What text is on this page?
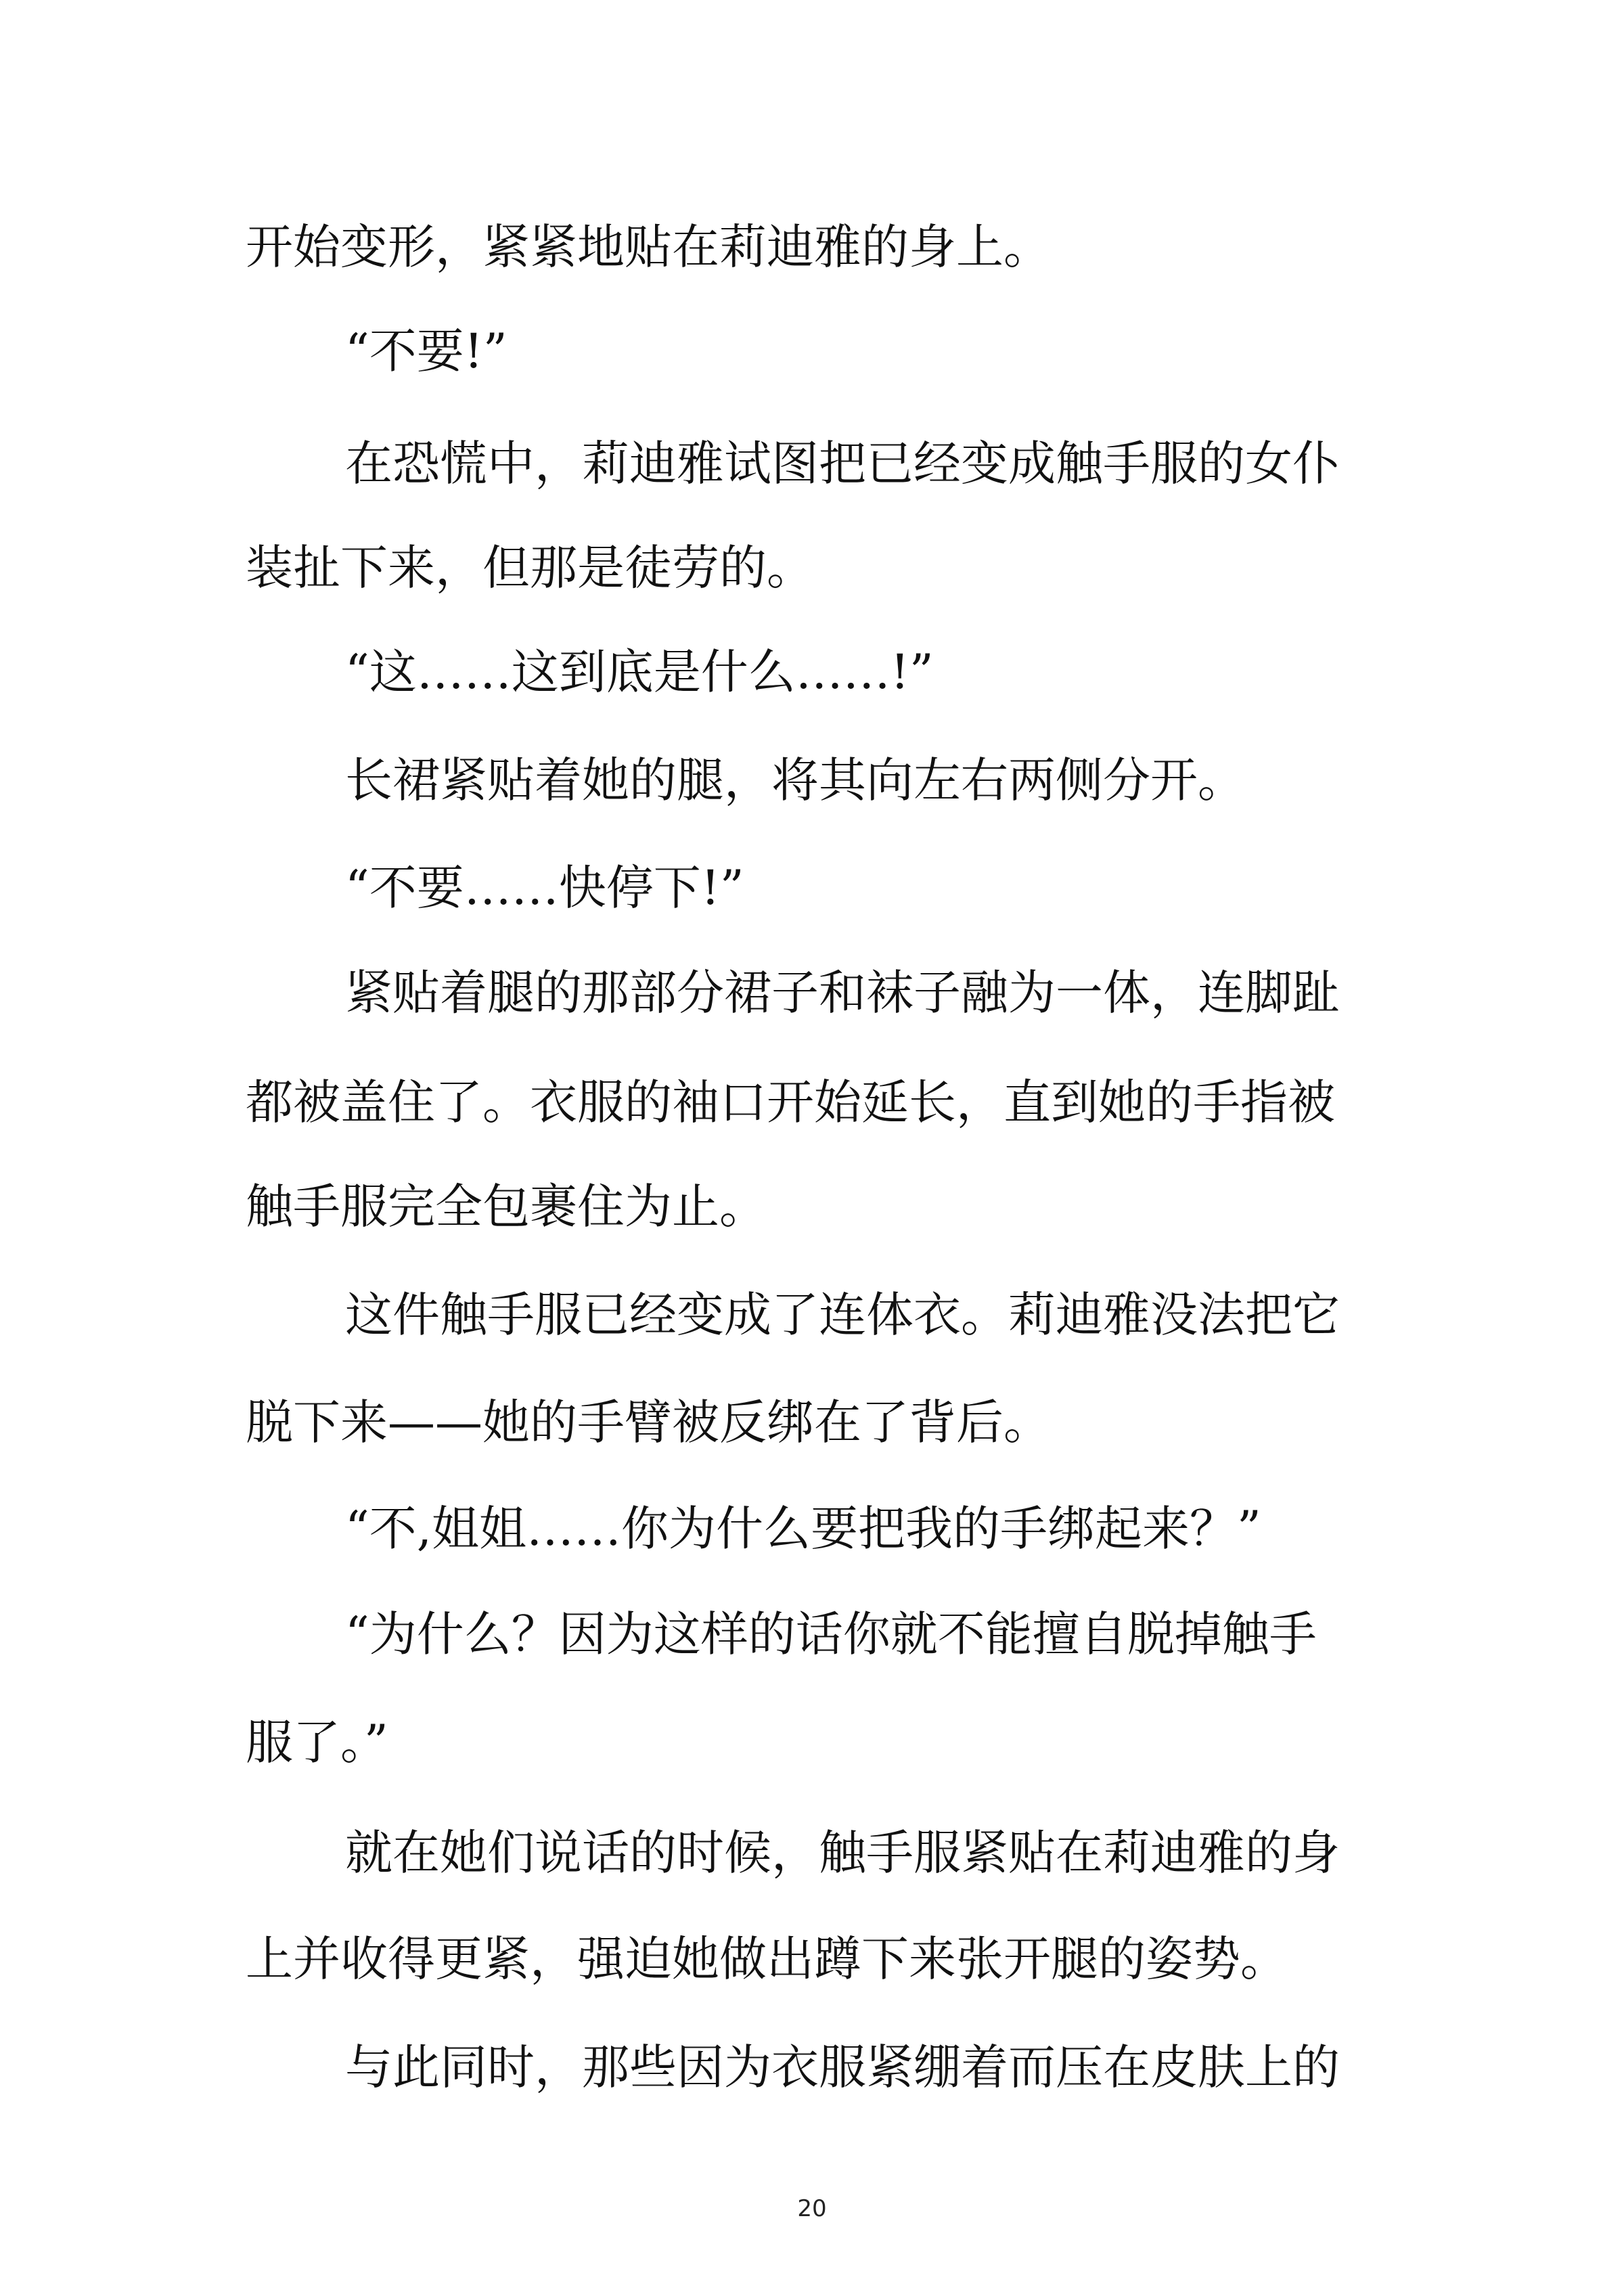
开始变形，紧紧地贴在莉迪雅的身上。

“不要!”

在恐慌中，莉迪雅试图把已经变成触手服的女仆

装扯下来，但那是徒劳的。

“这……这到底是什么……!”

长裙紧贴着她的腿，将其向左右两侧分开。

“不要……快停下!”

紧贴着腿的那部分裙子和袜子融为一体，连脚趾

都被盖住了。衣服的袖口开始延长，直到她的手指被

触手服完全包裹住为止。

这件触手服已经变成了连体衣。莉迪雅没法把它

脱下来——她的手臂被反绑在了背后。

“不,姐姐……你为什么要把我的手绑起来？”

“为什么？因为这样的话你就不能擅自脱掉触手

服了。”

就在她们说话的时候，触手服紧贴在莉迪雅的身

上并收得更紧，强迫她做出蹲下来张开腿的姿势。

与此同时，那些因为衣服紧绷着而压在皮肤上的

20
